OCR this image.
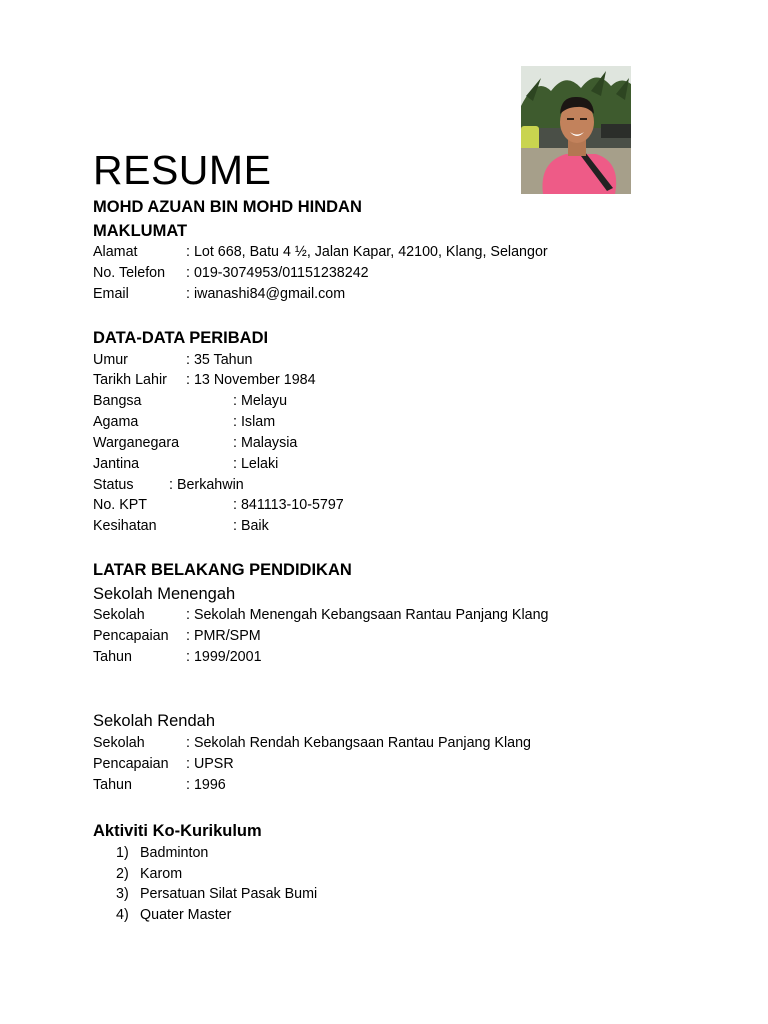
RESUME
MOHD AZUAN BIN MOHD HINDAN
MAKLUMAT
Alamat	: Lot 668, Batu 4 ½, Jalan Kapar, 42100, Klang, Selangor
No. Telefon : 019-3074953/01151238242
Email	: iwanashi84@gmail.com
DATA-DATA PERIBADI
Umur	: 35 Tahun
Tarikh Lahir : 13 November 1984
Bangsa	: Melayu
Agama	: Islam
Warganegara	: Malaysia
Jantina	: Lelaki
Status : Berkahwin
No. KPT	: 841113-10-5797
Kesihatan	: Baik
LATAR BELAKANG PENDIDIKAN
Sekolah Menengah
Sekolah	: Sekolah Menengah Kebangsaan Rantau Panjang Klang
Pencapaian : PMR/SPM
Tahun	: 1999/2001
Sekolah Rendah
Sekolah	: Sekolah Rendah Kebangsaan Rantau Panjang Klang
Pencapaian : UPSR
Tahun	: 1996
Aktiviti Ko-Kurikulum
1) Badminton
2) Karom
3) Persatuan Silat Pasak Bumi
4) Quater Master
